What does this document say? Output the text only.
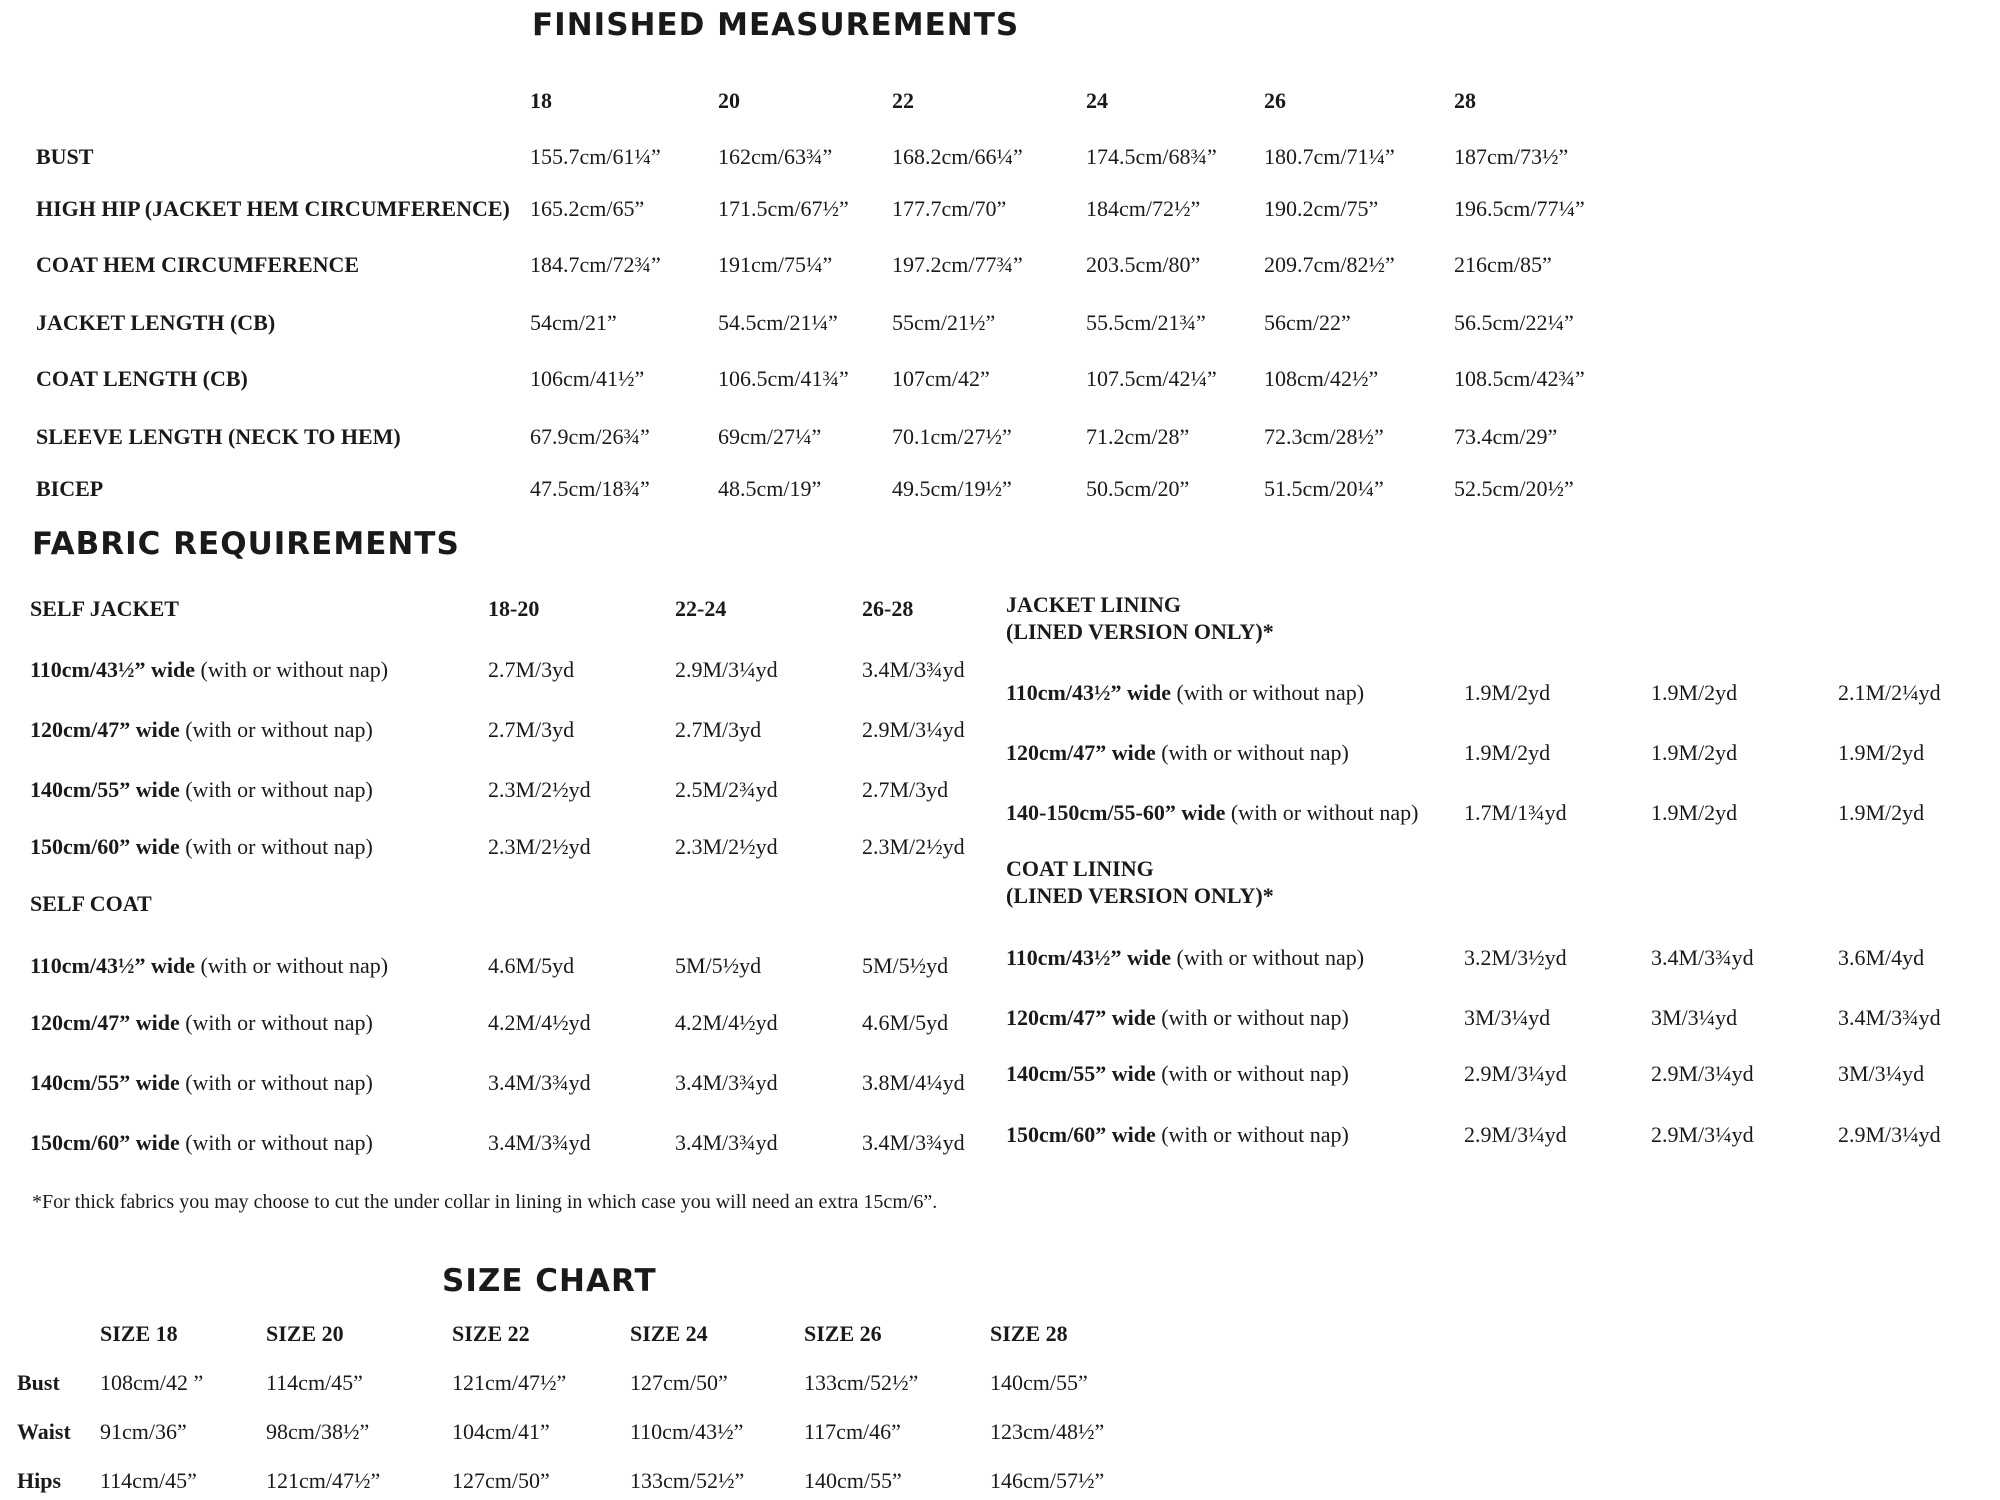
FINISHED MEASUREMENTS
18	20	22	24	26	28
BUST	155.7cm/61¼”	162cm/63¾”	168.2cm/66¼”	174.5cm/68¾” 180.7cm/71¼”	187cm/73½”
HIGH HIP (JACKET HEM CIRCUMFERENCE) 165.2cm/65”	171.5cm/67½” 177.7cm/70”	184cm/72½”	190.2cm/75”	196.5cm/77¼”
COAT HEM CIRCUMFERENCE	184.7cm/72¾”	191cm/75¼”	197.2cm/77¾”	203.5cm/80”	209.7cm/82½”	216cm/85”
JACKET LENGTH (CB)	54cm/21”	54.5cm/21¼” 55cm/21½”	55.5cm/21¾”	56cm/22”	56.5cm/22¼”
COAT LENGTH (CB)	106cm/41½”	106.5cm/41¾” 107cm/42”	107.5cm/42¼” 108cm/42½”	108.5cm/42¾”
SLEEVE LENGTH (NECK TO HEM)	67.9cm/26¾”	69cm/27¼”	70.1cm/27½”	71.2cm/28”	72.3cm/28½”	73.4cm/29”
BICEP	47.5cm/18¾”	48.5cm/19”	49.5cm/19½”	50.5cm/20”	51.5cm/20¼”	52.5cm/20½”
FABRIC REQUIREMENTS
SELF JACKET	18-20	22-24	26-28
110cm/43½” wide (with or without nap)	2.7M/3yd	2.9M/3¼yd	3.4M/3¾yd
120cm/47” wide (with or without nap)	2.7M/3yd	2.7M/3yd	2.9M/3¼yd
140cm/55” wide (with or without nap)	2.3M/2½yd	2.5M/2¾yd	2.7M/3yd
150cm/60” wide (with or without nap)	2.3M/2½yd	2.3M/2½yd	2.3M/2½yd
SELF COAT
110cm/43½” wide (with or without nap)	4.6M/5yd	5M/5½yd	5M/5½yd
120cm/47” wide (with or without nap)	4.2M/4½yd	4.2M/4½yd	4.6M/5yd
140cm/55” wide (with or without nap)	3.4M/3¾yd	3.4M/3¾yd	3.8M/4¼yd
150cm/60” wide (with or without nap)	3.4M/3¾yd	3.4M/3¾yd	3.4M/3¾yd
JACKET LINING
(LINED VERSION ONLY)*
110cm/43½” wide (with or without nap)	1.9M/2yd	1.9M/2yd	2.1M/2¼yd
120cm/47” wide (with or without nap)	1.9M/2yd	1.9M/2yd	1.9M/2yd
140-150cm/55-60” wide (with or without nap) 1.7M/1¾yd	1.9M/2yd	1.9M/2yd
COAT LINING
(LINED VERSION ONLY)*
110cm/43½” wide (with or without nap)	3.2M/3½yd	3.4M/3¾yd	3.6M/4yd
120cm/47” wide (with or without nap)	3M/3¼yd	3M/3¼yd	3.4M/3¾yd
140cm/55” wide (with or without nap)	2.9M/3¼yd	2.9M/3¼yd	3M/3¼yd
150cm/60” wide (with or without nap)	2.9M/3¼yd	2.9M/3¼yd	2.9M/3¼yd

*For thick fabrics you may choose to cut the under collar in lining in which case you will need an extra 15cm/6”.

SIZE CHART
SIZE 18	SIZE 20	SIZE 22	SIZE 24	SIZE 26	SIZE 28
Bust 108cm/42 ”	114cm/45”	121cm/47½”	127cm/50”	133cm/52½”	140cm/55”
Waist 91cm/36”	98cm/38½”	104cm/41”	110cm/43½”	117cm/46”	123cm/48½”
Hips 114cm/45”	121cm/47½”	127cm/50”	133cm/52½”	140cm/55”	146cm/57½”
